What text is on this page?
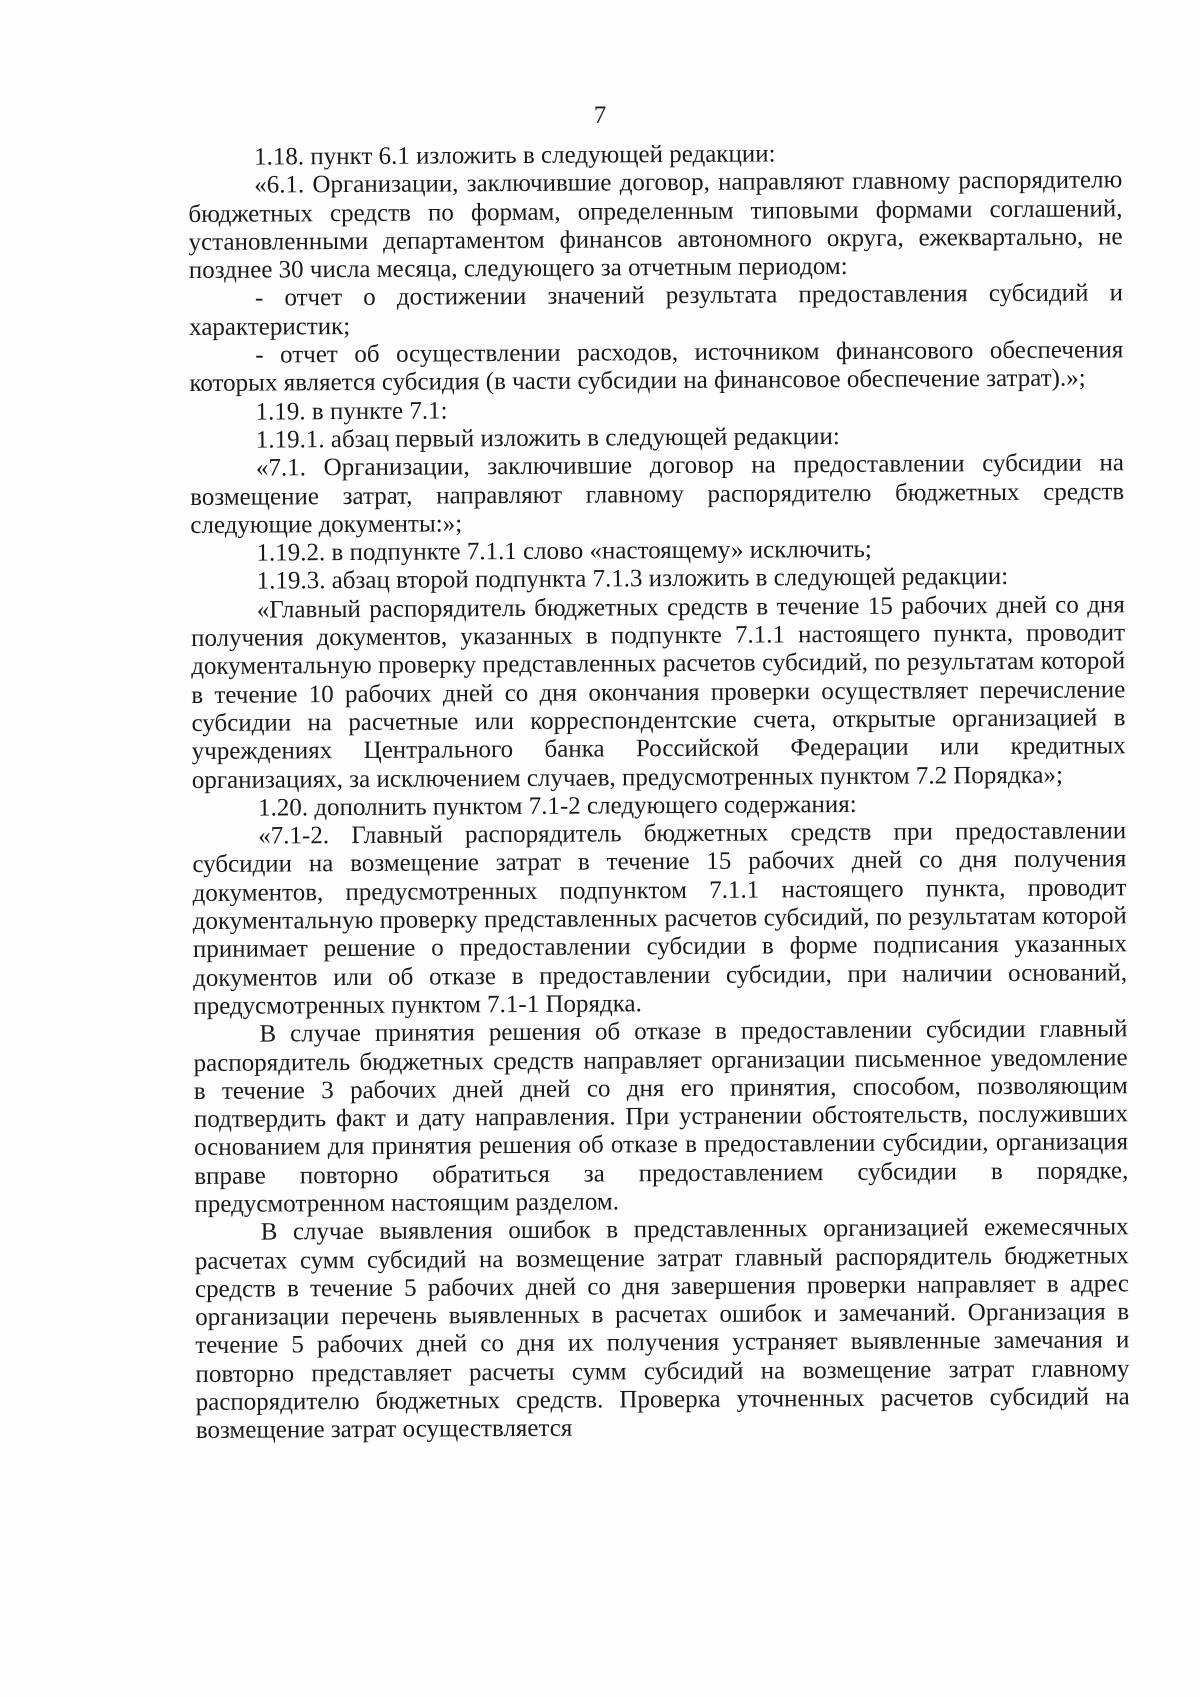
7

1.18. пункт 6.1 изложить в следующей редакции:

«6.1. Организации, заключившие договор, направляют главному распорядителю бюджетных средств по формам, определенным типовыми формами соглашений, установленными департаментом финансов автономного округа, ежеквартально, не позднее 30 числа месяца, следующего за отчетным периодом:

- отчет о достижении значений результата предоставления субсидий и характеристик;

- отчет об осуществлении расходов, источником финансового обеспечения которых является субсидия (в части субсидии на финансовое обеспечение затрат).»;

1.19. в пункте 7.1:

1.19.1. абзац первый изложить в следующей редакции:

«7.1. Организации, заключившие договор на предоставлении субсидии на возмещение затрат, направляют главному распорядителю бюджетных средств следующие документы:»;

1.19.2. в подпункте 7.1.1 слово «настоящему» исключить;

1.19.3. абзац второй подпункта 7.1.3 изложить в следующей редакции:

«Главный распорядитель бюджетных средств в течение 15 рабочих дней со дня получения документов, указанных в подпункте 7.1.1 настоящего пункта, проводит документальную проверку представленных расчетов субсидий, по результатам которой в течение 10 рабочих дней со дня окончания проверки осуществляет перечисление субсидии на расчетные или корреспондентские счета, открытые организацией в учреждениях Центрального банка Российской Федерации или кредитных организациях, за исключением случаев, предусмотренных пунктом 7.2 Порядка»;

1.20. дополнить пунктом 7.1-2 следующего содержания:

«7.1-2. Главный распорядитель бюджетных средств при предоставлении субсидии на возмещение затрат в течение 15 рабочих дней со дня получения документов, предусмотренных подпунктом 7.1.1 настоящего пункта, проводит документальную проверку представленных расчетов субсидий, по результатам которой принимает решение о предоставлении субсидии в форме подписания указанных документов или об отказе в предоставлении субсидии, при наличии оснований, предусмотренных пунктом 7.1-1 Порядка.

В случае принятия решения об отказе в предоставлении субсидии главный распорядитель бюджетных средств направляет организации письменное уведомление в течение 3 рабочих дней дней со дня его принятия, способом, позволяющим подтвердить факт и дату направления. При устранении обстоятельств, послуживших основанием для принятия решения об отказе в предоставлении субсидии, организация вправе повторно обратиться за предоставлением субсидии в порядке, предусмотренном настоящим разделом.

В случае выявления ошибок в представленных организацией ежемесячных расчетах сумм субсидий на возмещение затрат главный распорядитель бюджетных средств в течение 5 рабочих дней со дня завершения проверки направляет в адрес организации перечень выявленных в расчетах ошибок и замечаний. Организация в течение 5 рабочих дней со дня их получения устраняет выявленные замечания и повторно представляет расчеты сумм субсидий на возмещение затрат главному распорядителю бюджетных средств. Проверка уточненных расчетов субсидий на возмещение затрат осуществляется
